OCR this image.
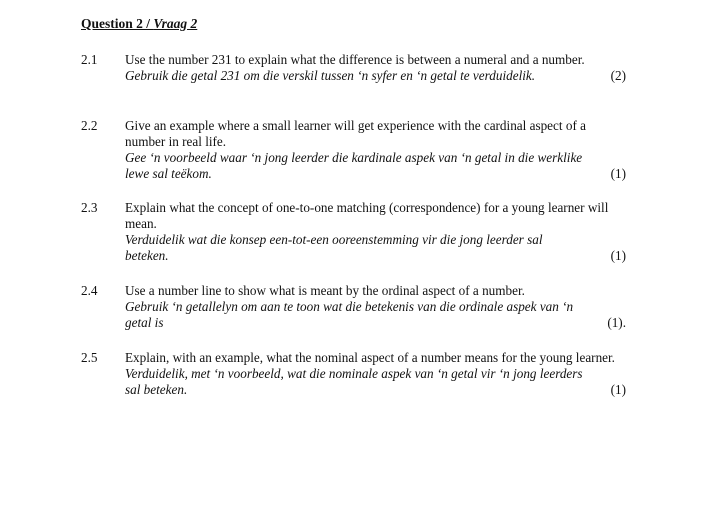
Question 2 / Vraag 2
2.1	Use the number 231 to explain what the difference is between a numeral and a number.
Gebruik die getal 231 om die verskil tussen ‘n syfer en ‘n getal te verduidelik.	(2)
2.2	Give an example where a small learner will get experience with the cardinal aspect of a number in real life.
Gee ‘n voorbeeld waar ‘n jong leerder die kardinale aspek van ‘n getal in die werklike lewe sal teëkom.	(1)
2.3	Explain what the concept of one-to-one matching (correspondence) for a young learner will mean.
Verduidelik wat die konsep een-tot-een ooreenstemming vir die jong leerder sal beteken.	(1)
2.4	Use a number line to show what is meant by the ordinal aspect of a number.
Gebruik ‘n getallelyn om aan te toon wat die betekenis van die ordinale aspek van ‘n getal is	(1).
2.5	Explain, with an example, what the nominal aspect of a number means for the young learner.
Verduidelik, met ‘n voorbeeld, wat die nominale aspek van ‘n getal vir ‘n jong leerders sal beteken.	(1)
